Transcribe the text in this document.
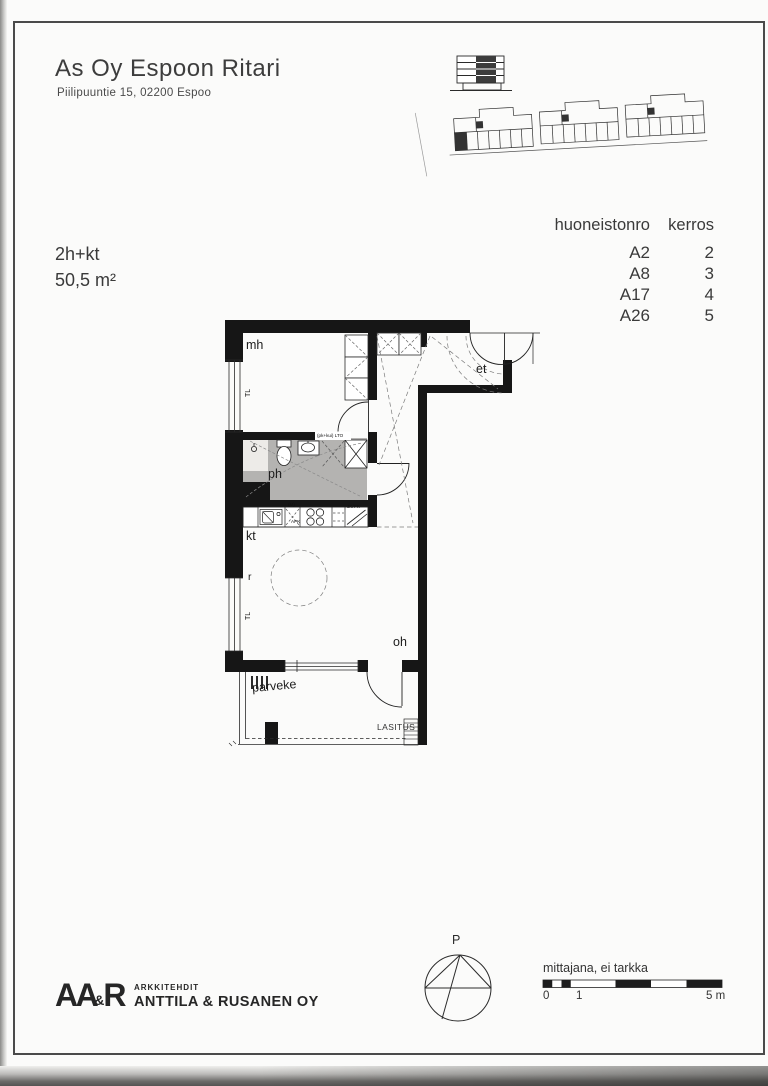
As Oy Espoon Ritari
Piilipuuntie 15, 02200 Espoo
2h+kt
50,5 m²
huoneistonro	kerros
A2	2
A8	3
A17	4
A26	5
mh
et
ph
kt
r
oh
parveke
LASITUS
TL
TL
(pk+kui) LTO
JK/PK
(M)
APK
P
mittajana, ei tarkka
0 1	5 m
AA
& R ARKKITEHDIT
ANTTILA & RUSANEN OY
